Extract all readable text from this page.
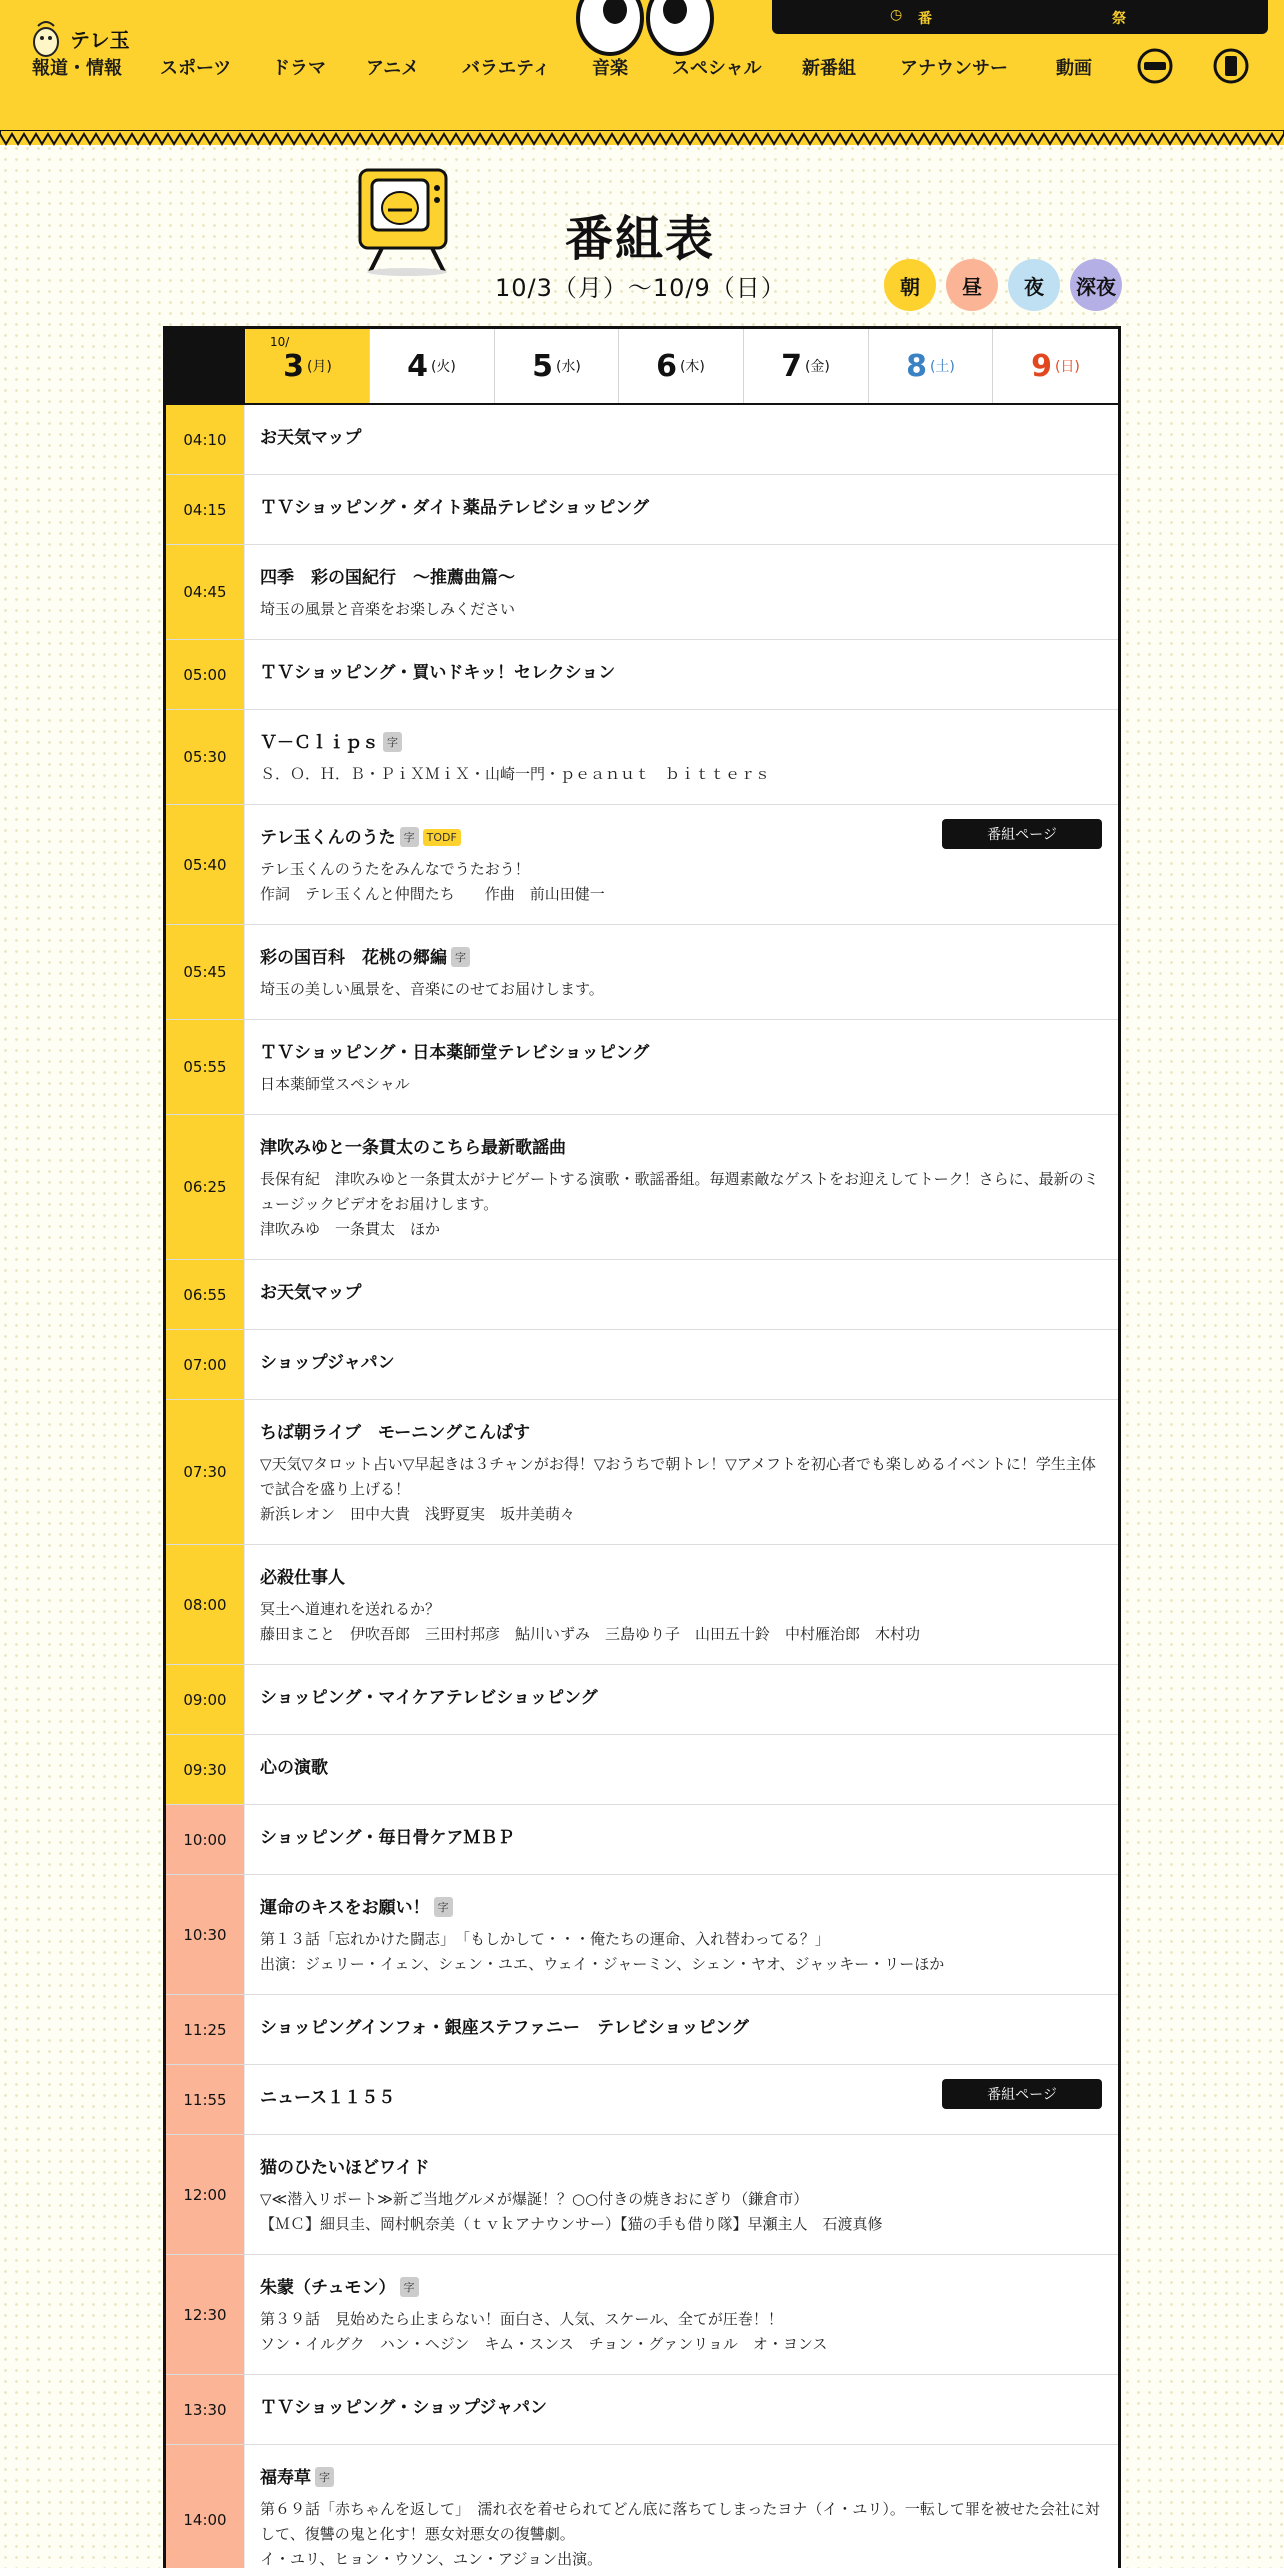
テレ玉
報道・情報 スポーツ ドラマ アニメ バラエティ 音楽 スペシャル 新番組 アナウンサー	動画
◷ 番	祭
番組表
10/3（月）〜10/9（日）	朝	昼	夜	深夜
10/
3 (月)	4 (火)	5 (水)	6 (木)	7 (金)	8 (土)	9 (日)
04:10	お天気マップ
04:15	ＴＶショッピング・ダイト薬品テレビショッピング
04:45
四季　彩の国紀行　～推薦曲篇～
埼玉の風景と音楽をお楽しみください
05:00	ＴＶショッピング・買いドキッ！セレクション
05:30
Ｖ－Ｃｌｉｐｓ 字
Ｓ．Ｏ．Ｈ．Ｂ・ＰｉＸＭｉＸ・山崎一門・ｐｅａｎｕｔ　ｂｉｔｔｅｒｓ
05:40
テレ玉くんのうた 字 TODF
テレ玉くんのうたをみんなでうたおう！
作詞　テレ玉くんと仲間たち　　作曲　前山田健一
番組ページ
05:45
彩の国百科　花桃の郷編 字
埼玉の美しい風景を、音楽にのせてお届けします。
05:55
ＴＶショッピング・日本薬師堂テレビショッピング
日本薬師堂スペシャル
06:25
津吹みゆと一条貫太のこちら最新歌謡曲
長保有紀　津吹みゆと一条貫太がナビゲートする演歌・歌謡番組。毎週素敵なゲストをお迎えしてトーク！さらに、最新のミュージックビデオをお届けします。
津吹みゆ　一条貫太　ほか
06:55	お天気マップ
07:00	ショップジャパン
07:30
ちば朝ライブ　モーニングこんぱす
▽天気▽タロット占い▽早起きは３チャンがお得！▽おうちで朝トレ！▽アメフトを初心者でも楽しめるイベントに！学生主体で試合を盛り上げる！
新浜レオン　田中大貴　浅野夏実　坂井美萌々
08:00
必殺仕事人
冥土へ道連れを送れるか？
藤田まこと　伊吹吾郎　三田村邦彦　鮎川いずみ　三島ゆり子　山田五十鈴　中村雁治郎　木村功
09:00	ショッピング・マイケアテレビショッピング
09:30	心の演歌
10:00	ショッピング・毎日骨ケアＭＢＰ
10:30
運命のキスをお願い！ 字
第１３話「忘れかけた闘志」　「もしかして・・・俺たちの運命、入れ替わってる？」
出演：ジェリー・イェン、シェン・ユエ、ウェイ・ジャーミン、シェン・ヤオ、ジャッキー・リーほか
11:25	ショッピングインフォ・銀座ステファニー　テレビショッピング
11:55	ニュース１１５５	番組ページ
12:00
猫のひたいほどワイド
▽≪潜入リポート≫新ご当地グルメが爆誕！？○○付きの焼きおにぎり（鎌倉市）
【ＭＣ】細貝圭、岡村帆奈美（ｔｖｋアナウンサー）【猫の手も借り隊】早瀬主人　石渡真修
12:30
朱蒙（チュモン） 字
第３９話　見始めたら止まらない！面白さ、人気、スケール、全てが圧巻！！
ソン・イルグク　ハン・ヘジン　キム・スンス　チョン・グァンリョル　オ・ヨンス
13:30	ＴＶショッピング・ショップジャパン
14:00
福寿草 字
第６９話「赤ちゃんを返して」　濡れ衣を着せられてどん底に落ちてしまったヨナ（イ・ユリ）。一転して罪を被せた会社に対して、復讐の鬼と化す！悪女対悪女の復讐劇。
イ・ユリ、ヒョン・ウソン、ユン・アジョン出演。
